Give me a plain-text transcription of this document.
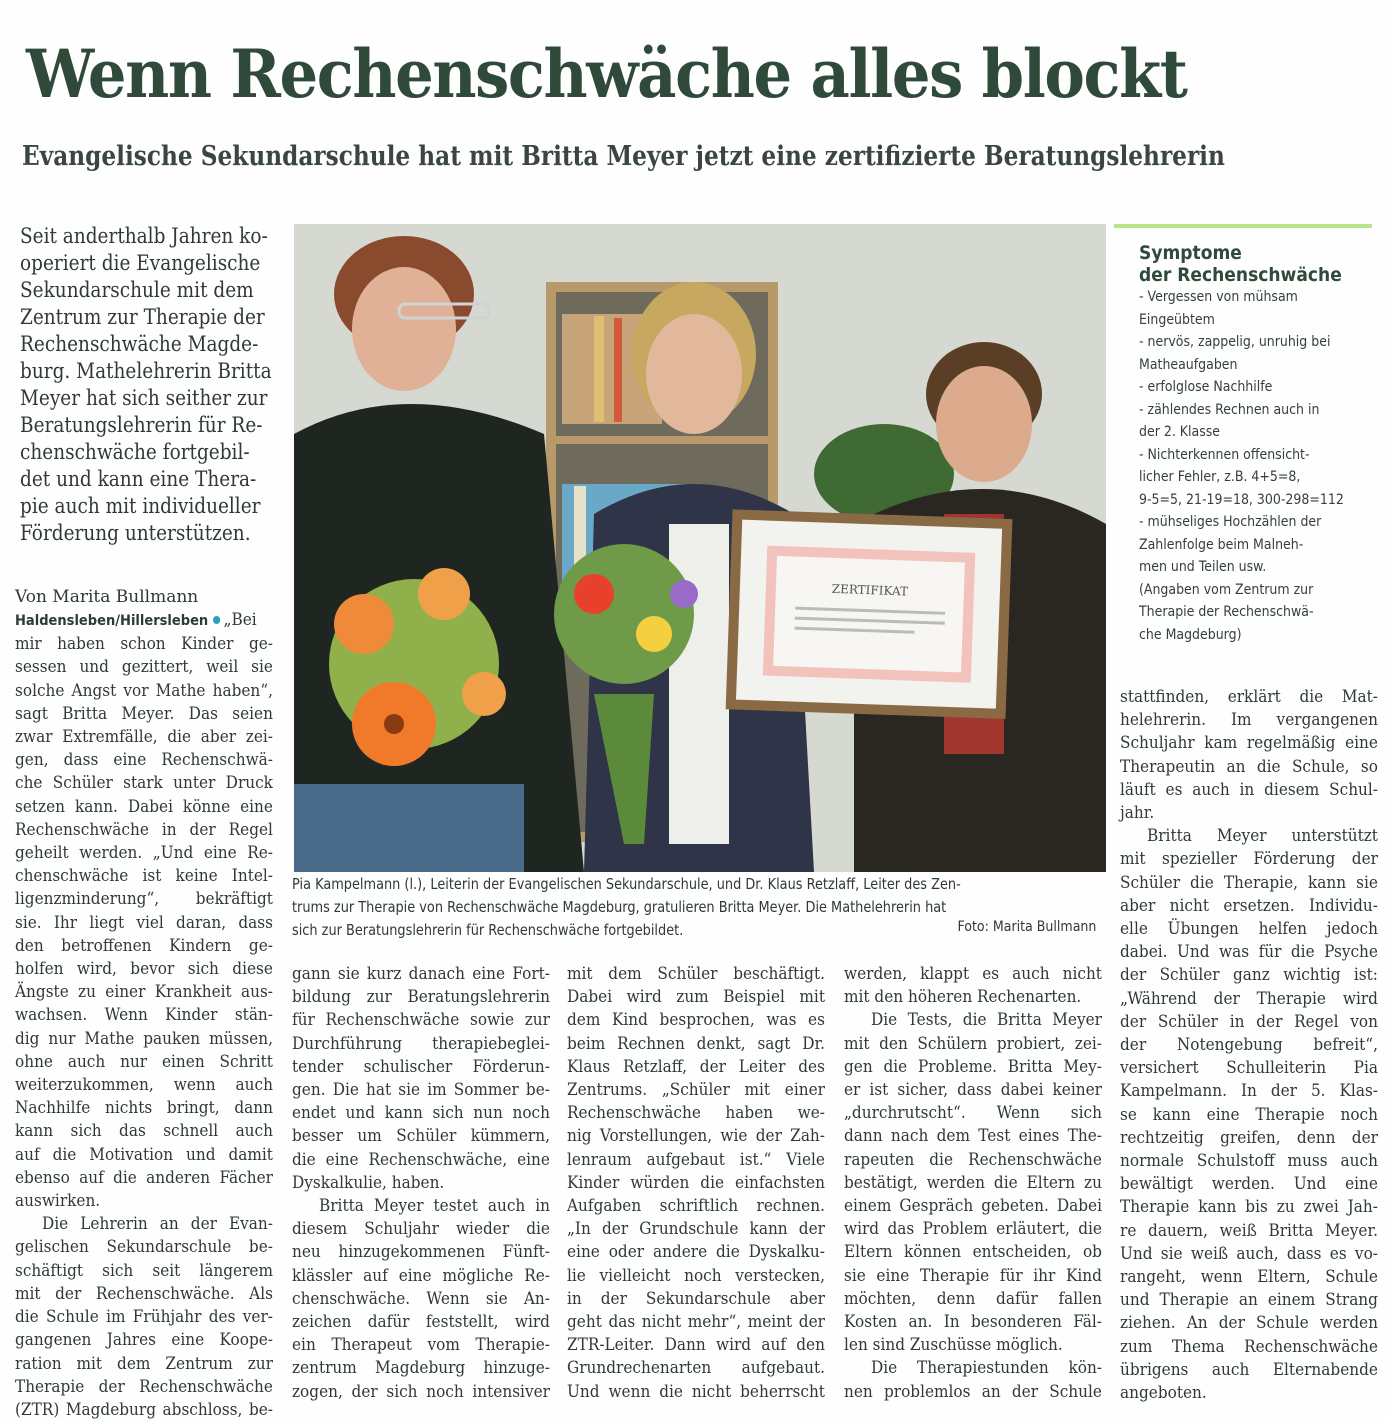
Wenn Rechenschwäche alles blockt
Evangelische Sekundarschule hat mit Britta Meyer jetzt eine zertifizierte Beratungslehrerin
Seit anderthalb Jahren ko-
operiert die Evangelische
Sekundarschule mit dem
Zentrum zur Therapie der
Rechenschwäche Magde-
burg. Mathelehrerin Britta
Meyer hat sich seither zur
Beratungslehrerin für Re-
chenschwäche fortgebil-
det und kann eine Thera-
pie auch mit individueller
Förderung unterstützen.
Von Marita Bullmann
Haldensleben/Hillersleben „Bei
mir haben schon Kinder ge-
sessen und gezittert, weil sie
solche Angst vor Mathe haben“,
sagt Britta Meyer. Das seien
zwar Extremfälle, die aber zei-
gen, dass eine Rechenschwä-
che Schüler stark unter Druck
setzen kann. Dabei könne eine
Rechenschwäche in der Regel
geheilt werden. „Und eine Re-
chenschwäche ist keine Intel-
ligenzminderung“, bekräftigt
sie. Ihr liegt viel daran, dass
den betroffenen Kindern ge-
holfen wird, bevor sich diese
Ängste zu einer Krankheit aus-
wachsen. Wenn Kinder stän-
dig nur Mathe pauken müssen,
ohne auch nur einen Schritt
weiterzukommen, wenn auch
Nachhilfe nichts bringt, dann
kann sich das schnell auch
auf die Motivation und damit
ebenso auf die anderen Fächer
auswirken.
Die Lehrerin an der Evan-
gelischen Sekundarschule be-
schäftigt sich seit längerem
mit der Rechenschwäche. Als
die Schule im Frühjahr des ver-
gangenen Jahres eine Koope-
ration mit dem Zentrum zur
Therapie der Rechenschwäche
(ZTR) Magdeburg abschloss, be-
ZERTIFIKAT
Pia Kampelmann (l.), Leiterin der Evangelischen Sekundarschule, und Dr. Klaus Retzlaff, Leiter des Zen-
trums zur Therapie von Rechenschwäche Magdeburg, gratulieren Britta Meyer. Die Mathelehrerin hat
sich zur Beratungslehrerin für Rechenschwäche fortgebildet.	Foto: Marita Bullmann
gann sie kurz danach eine Fort-
bildung zur Beratungslehrerin
für Rechenschwäche sowie zur
Durchführung therapiebeglei-
tender schulischer Förderun-
gen. Die hat sie im Sommer be-
endet und kann sich nun noch
besser um Schüler kümmern,
die eine Rechenschwäche, eine
Dyskalkulie, haben.
Britta Meyer testet auch in
diesem Schuljahr wieder die
neu hinzugekommenen Fünft-
klässler auf eine mögliche Re-
chenschwäche. Wenn sie An-
zeichen dafür feststellt, wird
ein Therapeut vom Therapie-
zentrum Magdeburg hinzuge-
zogen, der sich noch intensiver
mit dem Schüler beschäftigt.
Dabei wird zum Beispiel mit
dem Kind besprochen, was es
beim Rechnen denkt, sagt Dr.
Klaus Retzlaff, der Leiter des
Zentrums. „Schüler mit einer
Rechenschwäche haben we-
nig Vorstellungen, wie der Zah-
lenraum aufgebaut ist.“ Viele
Kinder würden die einfachsten
Aufgaben schriftlich rechnen.
„In der Grundschule kann der
eine oder andere die Dyskalku-
lie vielleicht noch verstecken,
in der Sekundarschule aber
geht das nicht mehr“, meint der
ZTR-Leiter. Dann wird auf den
Grundrechenarten aufgebaut.
Und wenn die nicht beherrscht
werden, klappt es auch nicht
mit den höheren Rechenarten.
Die Tests, die Britta Meyer
mit den Schülern probiert, zei-
gen die Probleme. Britta Mey-
er ist sicher, dass dabei keiner
„durchrutscht“. Wenn sich
dann nach dem Test eines The-
rapeuten die Rechenschwäche
bestätigt, werden die Eltern zu
einem Gespräch gebeten. Dabei
wird das Problem erläutert, die
Eltern können entscheiden, ob
sie eine Therapie für ihr Kind
möchten, denn dafür fallen
Kosten an. In besonderen Fäl-
len sind Zuschüsse möglich.
Die Therapiestunden kön-
nen problemlos an der Schule
Symptome
der Rechenschwäche
- Vergessen von mühsam
Eingeübtem
- nervös, zappelig, unruhig bei
Matheaufgaben
- erfolglose Nachhilfe
- zählendes Rechnen auch in
der 2. Klasse
- Nichterkennen offensicht-
licher Fehler, z.B. 4+5=8,
9-5=5, 21-19=18, 300-298=112
- mühseliges Hochzählen der
Zahlenfolge beim Malneh-
men und Teilen usw.
(Angaben vom Zentrum zur
Therapie der Rechenschwä-
che Magdeburg)
stattfinden, erklärt die Mat-
helehrerin. Im vergangenen
Schuljahr kam regelmäßig eine
Therapeutin an die Schule, so
läuft es auch in diesem Schul-
jahr.
Britta Meyer unterstützt
mit spezieller Förderung der
Schüler die Therapie, kann sie
aber nicht ersetzen. Individu-
elle Übungen helfen jedoch
dabei. Und was für die Psyche
der Schüler ganz wichtig ist:
„Während der Therapie wird
der Schüler in der Regel von
der Notengebung befreit“,
versichert Schulleiterin Pia
Kampelmann. In der 5. Klas-
se kann eine Therapie noch
rechtzeitig greifen, denn der
normale Schulstoff muss auch
bewältigt werden. Und eine
Therapie kann bis zu zwei Jah-
re dauern, weiß Britta Meyer.
Und sie weiß auch, dass es vo-
rangeht, wenn Eltern, Schule
und Therapie an einem Strang
ziehen. An der Schule werden
zum Thema Rechenschwäche
übrigens auch Elternabende
angeboten.
